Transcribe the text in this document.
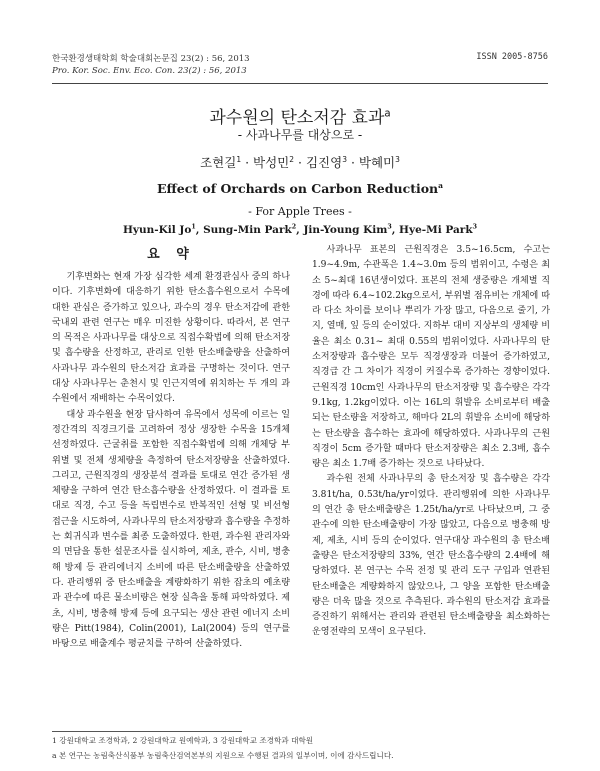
한국환경생태학회 학술대회논문집 23(2) : 56, 2013
Pro. Kor. Soc. Env. Eco. Con. 23(2) : 56, 2013
ISSN 2005-8756
과수원의 탄소저감 효과$^a$
- 사과나무를 대상으로 -
조현길$^1$ · 박성민$^2$ · 김진영$^3$ · 박혜미$^3$
Effect of Orchards on Carbon Reduction$^a$
- For Apple Trees -
Hyun-Kil Jo$^1$, Sung-Min Park$^2$, Jin-Young Kim$^3$, Hye-Mi Park$^3$
요 약

기후변화는 현재 가장 심각한 세계 환경관심사 중의 하나이다. 기후변화에 대응하기 위한 탄소흡수원으로서 수목에 대한 관심은 증가하고 있으나, 과수의 경우 탄소저감에 관한 국내외 관련 연구는 매우 미진한 상황이다. 따라서, 본 연구의 목적은 사과나무를 대상으로 직접수확법에 의해 탄소저장 및 흡수량을 산정하고, 관리로 인한 탄소배출량을 산출하여 사과나무 과수원의 탄소저감 효과를 구명하는 것이다. 연구대상 사과나무는 춘천시 및 인근지역에 위치하는 두 개의 과수원에서 재배하는 수목이었다.

대상 과수원을 현장 답사하여 유목에서 성목에 이르는 일정간격의 직경크기를 고려하여 정상 생장한 수목을 15개체 선정하였다. 근굴취를 포함한 직접수확법에 의해 개체당 부위별 및 전체 생체량을 측정하여 탄소저장량을 산출하였다. 그리고, 근원직경의 생장분석 결과를 토대로 연간 증가된 생체량을 구하여 연간 탄소흡수량을 산정하였다. 이 결과를 토대로 직경, 수고 등을 독립변수로 반복적인 선형 및 비선형 접근을 시도하여, 사과나무의 탄소저장량과 흡수량을 추정하는 회귀식과 변수를 최종 도출하였다. 한편, 과수원 관리자와의 면담을 통한 설문조사를 실시하여, 제초, 관수, 시비, 병충해 방제 등 관리에너지 소비에 따른 탄소배출량을 산출하였다. 관리행위 중 탄소배출을 계량화하기 위한 잡초의 예초량과 관수에 따른 물소비량은 현장 실측을 통해 파악하였다. 제초, 시비, 병충해 방제 등에 요구되는 생산 관련 에너지 소비량은 Pitt(1984), Colin(2001), Lal(2004) 등의 연구를 바탕으로 배출계수 평균치를 구하여 산출하였다.

사과나무 표본의 근원직경은 3.5~16.5cm, 수고는 1.9~4.9m, 수관폭은 1.4~3.0m 등의 범위이고, 수령은 최소 5~최대 16년생이었다. 표본의 전체 생중량은 개체별 직경에 따라 6.4~102.2kg으로서, 부위별 점유비는 개체에 따라 다소 차이를 보이나 뿌리가 가장 많고, 다음으로 줄기, 가지, 열매, 잎 등의 순이었다. 지하부 대비 지상부의 생체량 비율은 최소 0.31~ 최대 0.55의 범위이었다. 사과나무의 탄소저장량과 흡수량은 모두 직경생장과 더불어 증가하였고, 직경급 간 그 차이가 직경이 커질수록 증가하는 경향이었다. 근원직경 10cm인 사과나무의 탄소저장량 및 흡수량은 각각 9.1kg, 1.2kg이었다. 이는 16L의 휘발유 소비로부터 배출되는 탄소량을 저장하고, 해마다 2L의 휘발유 소비에 해당하는 탄소량을 흡수하는 효과에 해당하였다. 사과나무의 근원직경이 5cm 증가할 때마다 탄소저장량은 최소 2.3배, 흡수량은 최소 1.7배 증가하는 것으로 나타났다.

과수원 전체 사과나무의 총 탄소저장 및 흡수량은 각각 3.81t/ha, 0.53t/ha/yr이었다. 관리행위에 의한 사과나무의 연간 총 탄소배출량은 1.25t/ha/yr로 나타났으며, 그 중 관수에 의한 탄소배출량이 가장 많았고, 다음으로 병충해 방제, 제초, 시비 등의 순이었다. 연구대상 과수원의 총 탄소배출량은 탄소저장량의 33%, 연간 탄소흡수량의 2.4배에 해당하였다. 본 연구는 수목 전정 및 관리 도구 구입과 연관된 탄소배출은 계량화하지 않았으나, 그 양을 포함한 탄소배출량은 더욱 많을 것으로 추측된다. 과수원의 탄소저감 효과를 증진하기 위해서는 관리와 관련된 탄소배출량을 최소화하는 운영전략의 모색이 요구된다.

1 강원대학교 조경학과, 2 강원대학교 원예학과, 3 강원대학교 조경학과 대학원
a 본 연구는 농림축산식품부 농림축산검역본부의 지원으로 수행된 결과의 일부이며, 이에 감사드립니다.
